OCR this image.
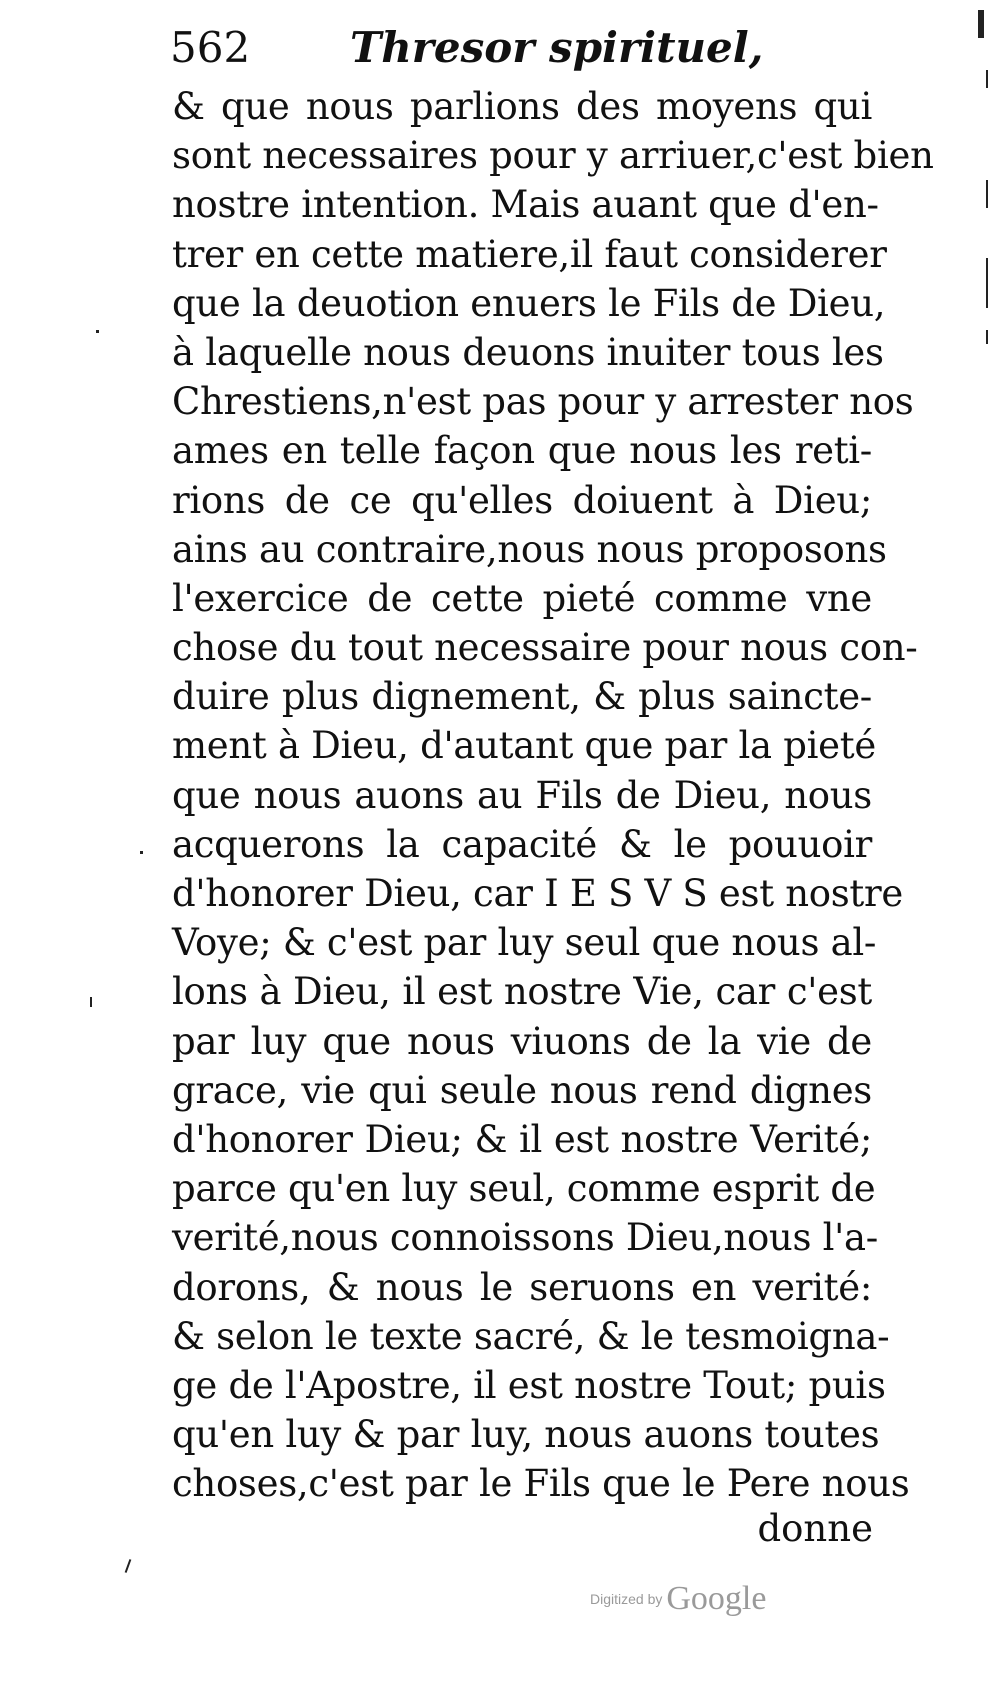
562 Thresor spirituel,
& que nous parlions des moyens qui
sont necessaires pour y arriuer,c'est bien
nostre intention. Mais auant que d'en-
trer en cette matiere,il faut considerer
que la deuotion enuers le Fils de Dieu,
à laquelle nous deuons inuiter tous les
Chrestiens,n'est pas pour y arrester nos
ames en telle façon que nous les reti-
rions de ce qu'elles doiuent à Dieu;
ains au contraire,nous nous proposons
l'exercice de cette pieté comme vne
chose du tout necessaire pour nous con-
duire plus dignement, & plus saincte-
ment à Dieu, d'autant que par la pieté
que nous auons au Fils de Dieu, nous
acquerons la capacité & le pouuoir
d'honorer Dieu, car I E S V S est nostre
Voye; & c'est par luy seul que nous al-
lons à Dieu, il est nostre Vie, car c'est
par luy que nous viuons de la vie de
grace, vie qui seule nous rend dignes
d'honorer Dieu; & il est nostre Verité;
parce qu'en luy seul, comme esprit de
verité,nous connoissons Dieu,nous l'a-
dorons, & nous le seruons en verité:
& selon le texte sacré, & le tesmoigna-
ge de l'Apostre, il est nostre Tout; puis
qu'en luy & par luy, nous auons toutes
choses,c'est par le Fils que le Pere nous
donne
Digitized by Google
